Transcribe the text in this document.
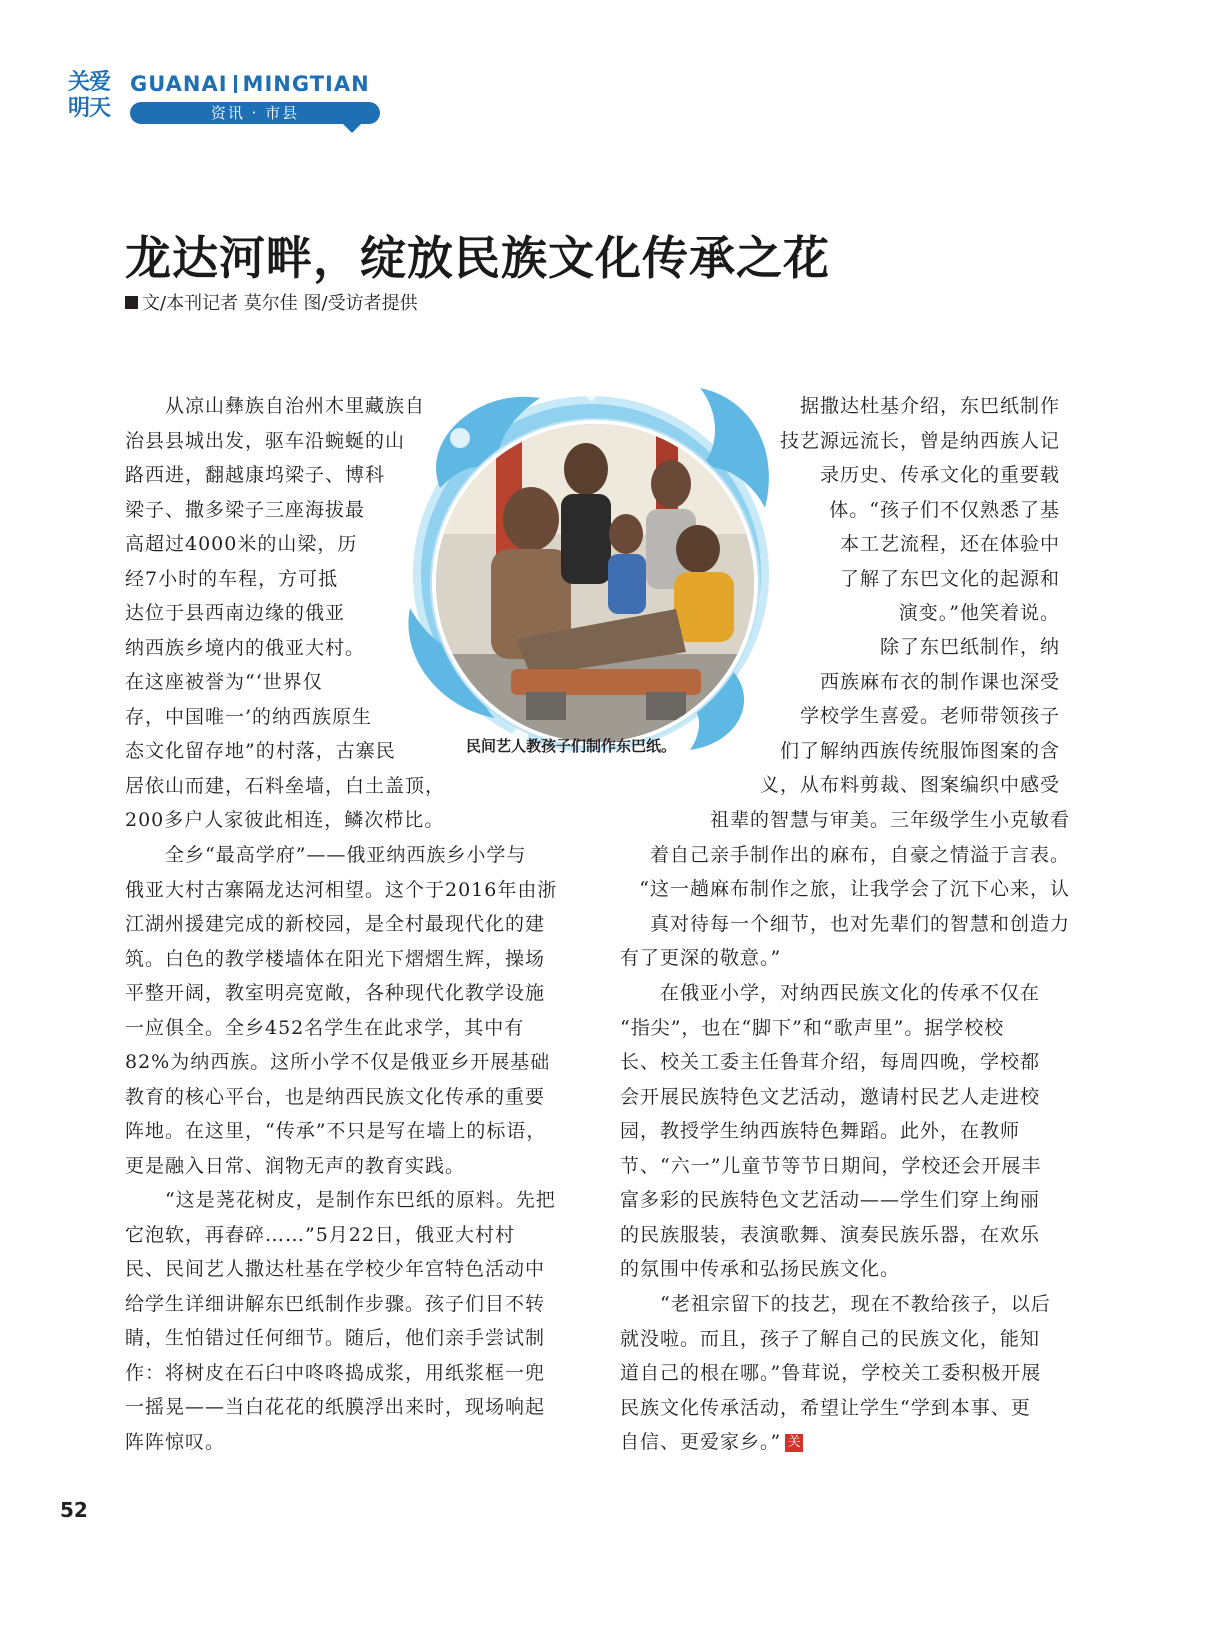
关爱
明天
GUANAI MINGTIAN
资讯 · 市县
龙达河畔，绽放民族文化传承之花
文/本刊记者 莫尔佳 图/受访者提供
民间艺人教孩子们制作东巴纸。

　　从凉山彝族自治州木里藏族自
治县县城出发，驱车沿蜿蜒的山
路西进，翻越康坞梁子、博科
梁子、撒多梁子三座海拔最
高超过4000米的山梁，历
经7小时的车程，方可抵
达位于县西南边缘的俄亚
纳西族乡境内的俄亚大村。
在这座被誉为“‘世界仅
存，中国唯一’的纳西族原生
态文化留存地”的村落，古寨民
居依山而建，石料垒墙，白土盖顶，
200多户人家彼此相连，鳞次栉比。

　　全乡“最高学府”——俄亚纳西族乡小学与
俄亚大村古寨隔龙达河相望。这个于2016年由浙
江湖州援建完成的新校园，是全村最现代化的建
筑。白色的教学楼墙体在阳光下熠熠生辉，操场
平整开阔，教室明亮宽敞，各种现代化教学设施
一应俱全。全乡452名学生在此求学，其中有
82%为纳西族。这所小学不仅是俄亚乡开展基础
教育的核心平台，也是纳西民族文化传承的重要
阵地。在这里，“传承”不只是写在墙上的标语，
更是融入日常、润物无声的教育实践。

　　“这是荛花树皮，是制作东巴纸的原料。先把
它泡软，再舂碎……”5月22日，俄亚大村村
民、民间艺人撒达杜基在学校少年宫特色活动中
给学生详细讲解东巴纸制作步骤。孩子们目不转
睛，生怕错过任何细节。随后，他们亲手尝试制
作：将树皮在石臼中咚咚捣成浆，用纸浆框一兜
一摇晃——当白花花的纸膜浮出来时，现场响起
阵阵惊叹。

据撒达杜基介绍，东巴纸制作
技艺源远流长，曾是纳西族人记
录历史、传承文化的重要载
体。“孩子们不仅熟悉了基
本工艺流程，还在体验中
了解了东巴文化的起源和
演变。”他笑着说。

除了东巴纸制作，纳
西族麻布衣的制作课也深受
学校学生喜爱。老师带领孩子
们了解纳西族传统服饰图案的含
义，从布料剪裁、图案编织中感受

祖辈的智慧与审美。三年级学生小克敏看
着自己亲手制作出的麻布，自豪之情溢于言表。
“这一趟麻布制作之旅，让我学会了沉下心来，认
真对待每一个细节，也对先辈们的智慧和创造力

有了更深的敬意。”

　　在俄亚小学，对纳西民族文化的传承不仅在
“指尖”，也在“脚下”和“歌声里”。据学校校
长、校关工委主任鲁茸介绍，每周四晚，学校都
会开展民族特色文艺活动，邀请村民艺人走进校
园，教授学生纳西族特色舞蹈。此外，在教师
节、“六一”儿童节等节日期间，学校还会开展丰
富多彩的民族特色文艺活动——学生们穿上绚丽
的民族服装，表演歌舞、演奏民族乐器，在欢乐
的氛围中传承和弘扬民族文化。

　　“老祖宗留下的技艺，现在不教给孩子，以后
就没啦。而且，孩子了解自己的民族文化，能知
道自己的根在哪。”鲁茸说，学校关工委积极开展
民族文化传承活动，希望让学生“学到本事、更
自信、更爱家乡。” 关

52
